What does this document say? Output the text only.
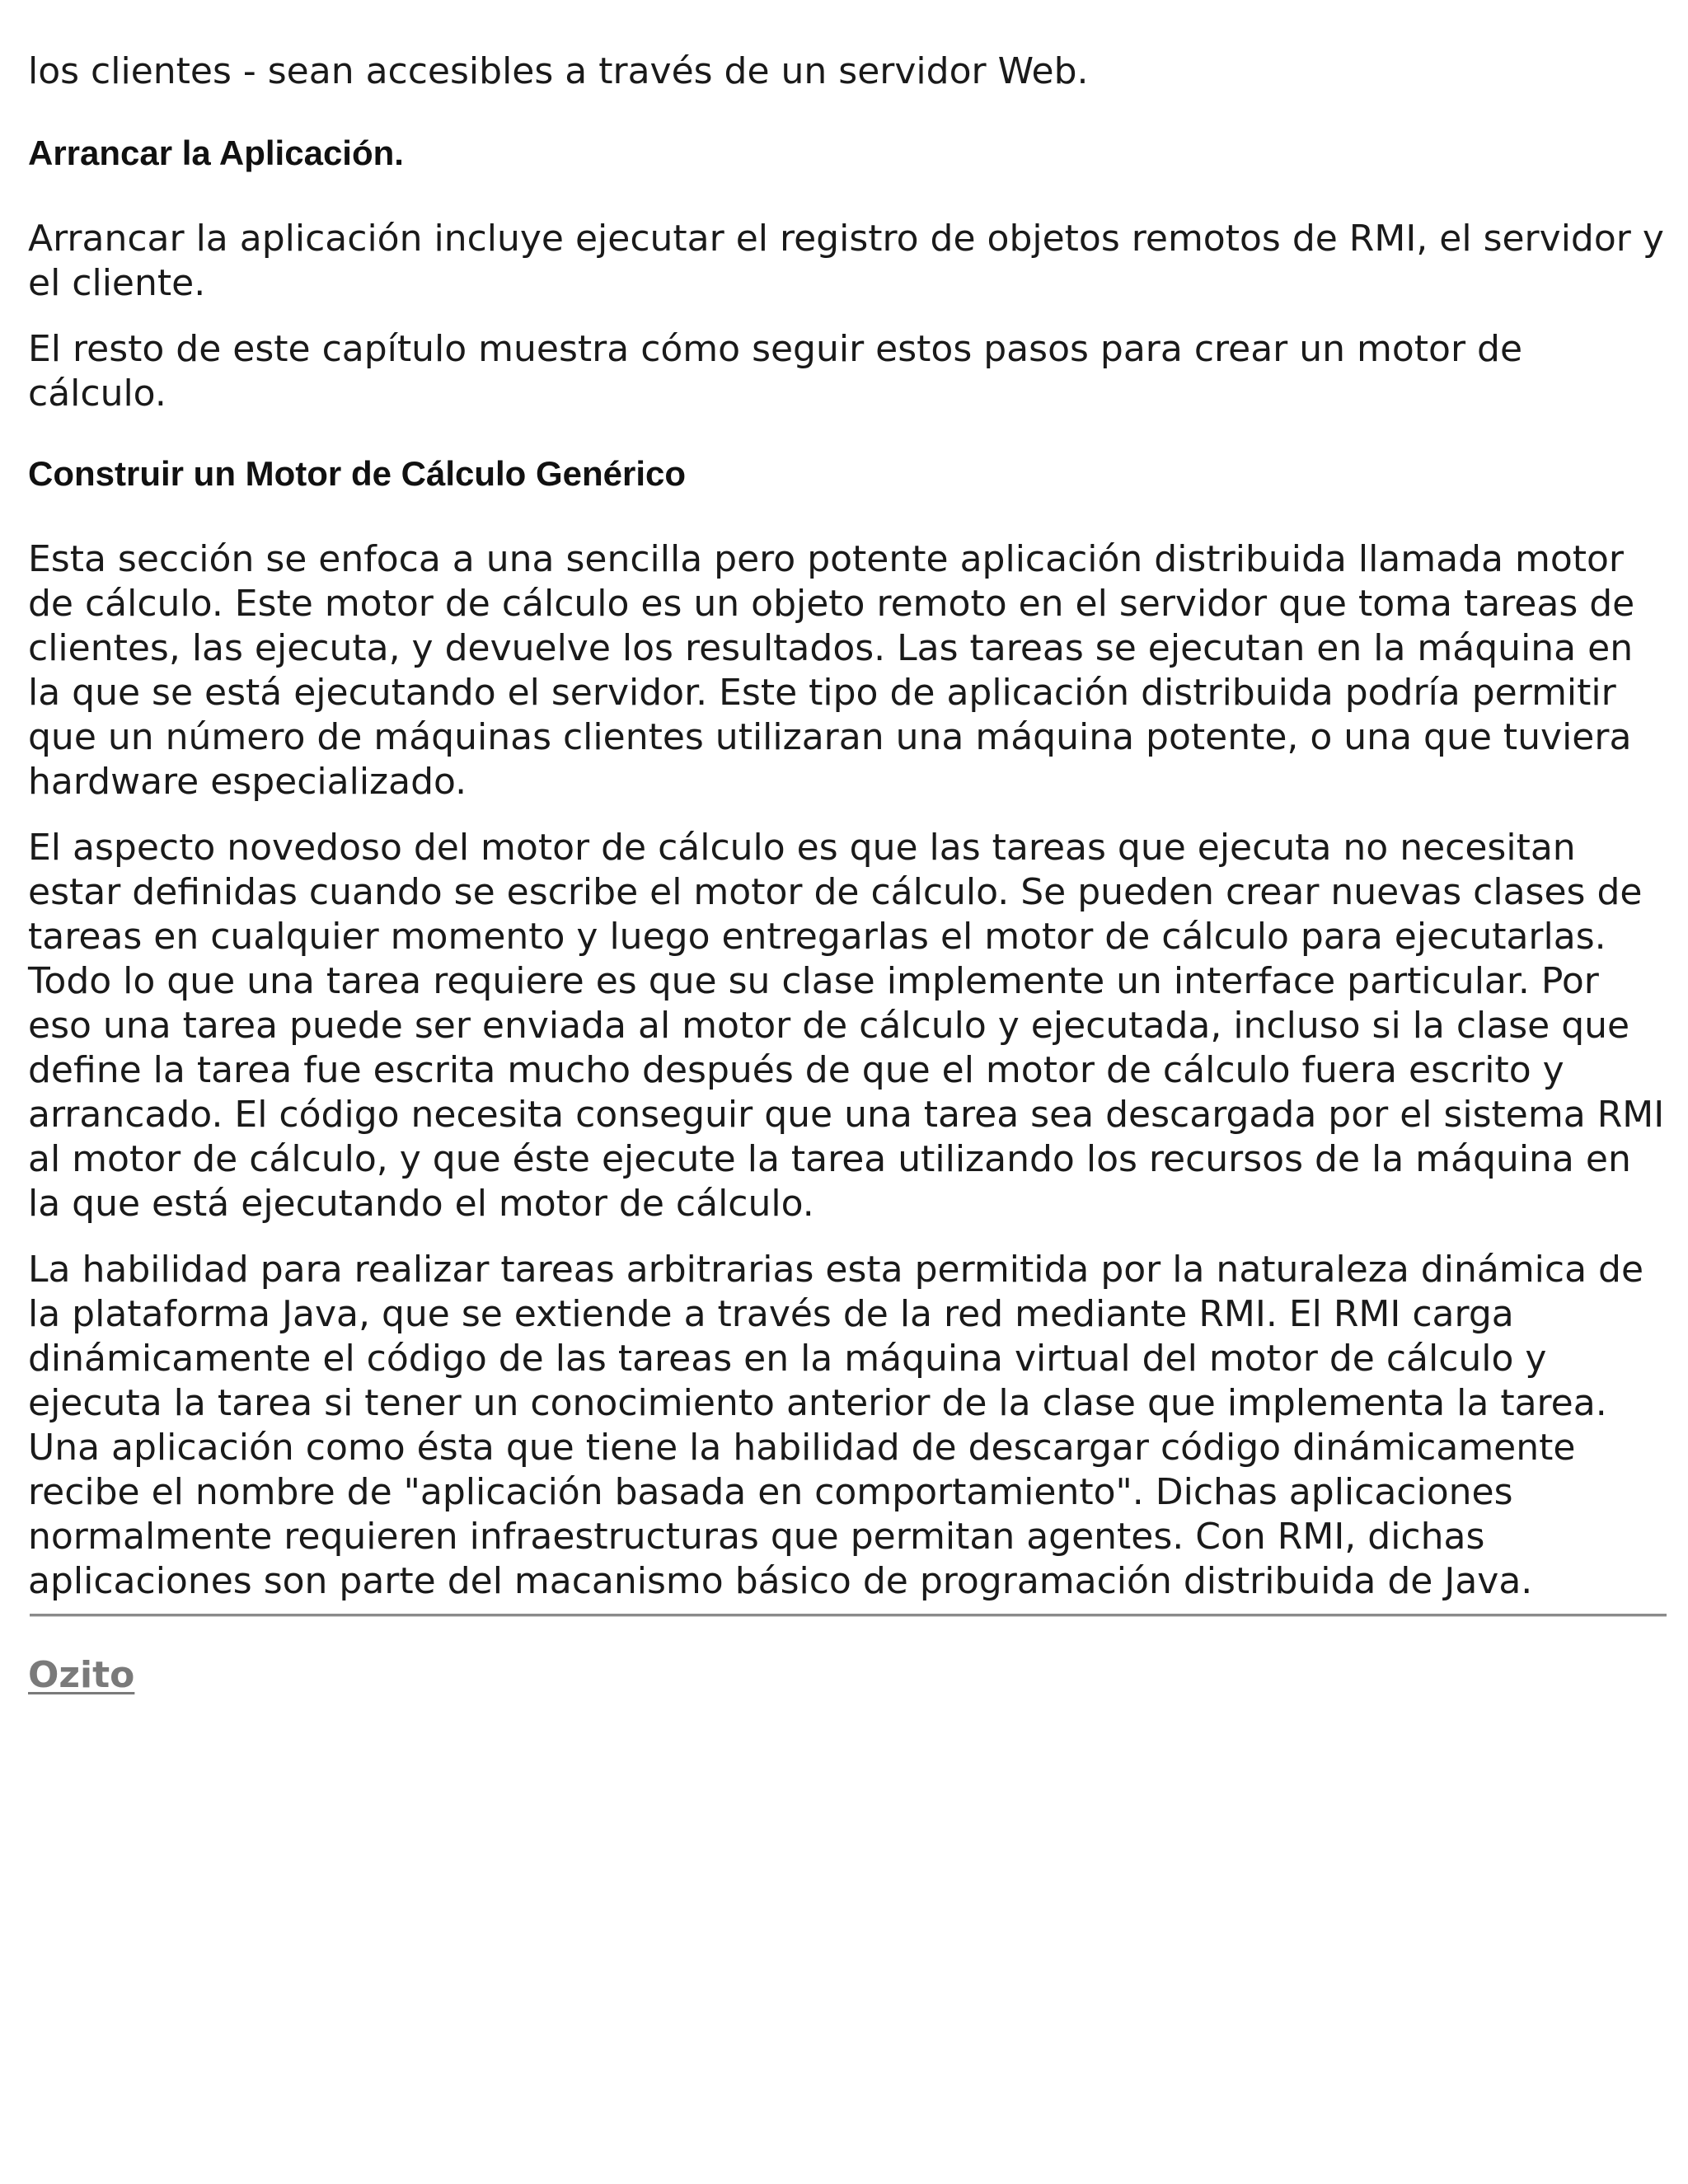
los clientes - sean accesibles a través de un servidor Web.

Arrancar la Aplicación.

Arrancar la aplicación incluye ejecutar el registro de objetos remotos de RMI, el servidor y el cliente.

El resto de este capítulo muestra cómo seguir estos pasos para crear un motor de cálculo.

Construir un Motor de Cálculo Genérico

Esta sección se enfoca a una sencilla pero potente aplicación distribuida llamada motor de cálculo. Este motor de cálculo es un objeto remoto en el servidor que toma tareas de clientes, las ejecuta, y devuelve los resultados. Las tareas se ejecutan en la máquina en la que se está ejecutando el servidor. Este tipo de aplicación distribuida podría permitir que un número de máquinas clientes utilizaran una máquina potente, o una que tuviera hardware especializado.

El aspecto novedoso del motor de cálculo es que las tareas que ejecuta no necesitan estar definidas cuando se escribe el motor de cálculo. Se pueden crear nuevas clases de tareas en cualquier momento y luego entregarlas el motor de cálculo para ejecutarlas. Todo lo que una tarea requiere es que su clase implemente un interface particular. Por eso una tarea puede ser enviada al motor de cálculo y ejecutada, incluso si la clase que define la tarea fue escrita mucho después de que el motor de cálculo fuera escrito y arrancado. El código necesita conseguir que una tarea sea descargada por el sistema RMI al motor de cálculo, y que éste ejecute la tarea utilizando los recursos de la máquina en la que está ejecutando el motor de cálculo.

La habilidad para realizar tareas arbitrarias esta permitida por la naturaleza dinámica de la plataforma Java, que se extiende a través de la red mediante RMI. El RMI carga dinámicamente el código de las tareas en la máquina virtual del motor de cálculo y ejecuta la tarea si tener un conocimiento anterior de la clase que implementa la tarea. Una aplicación como ésta que tiene la habilidad de descargar código dinámicamente recibe el nombre de "aplicación basada en comportamiento". Dichas aplicaciones normalmente requieren infraestructuras que permitan agentes. Con RMI, dichas aplicaciones son parte del macanismo básico de programación distribuida de Java.

Ozito
